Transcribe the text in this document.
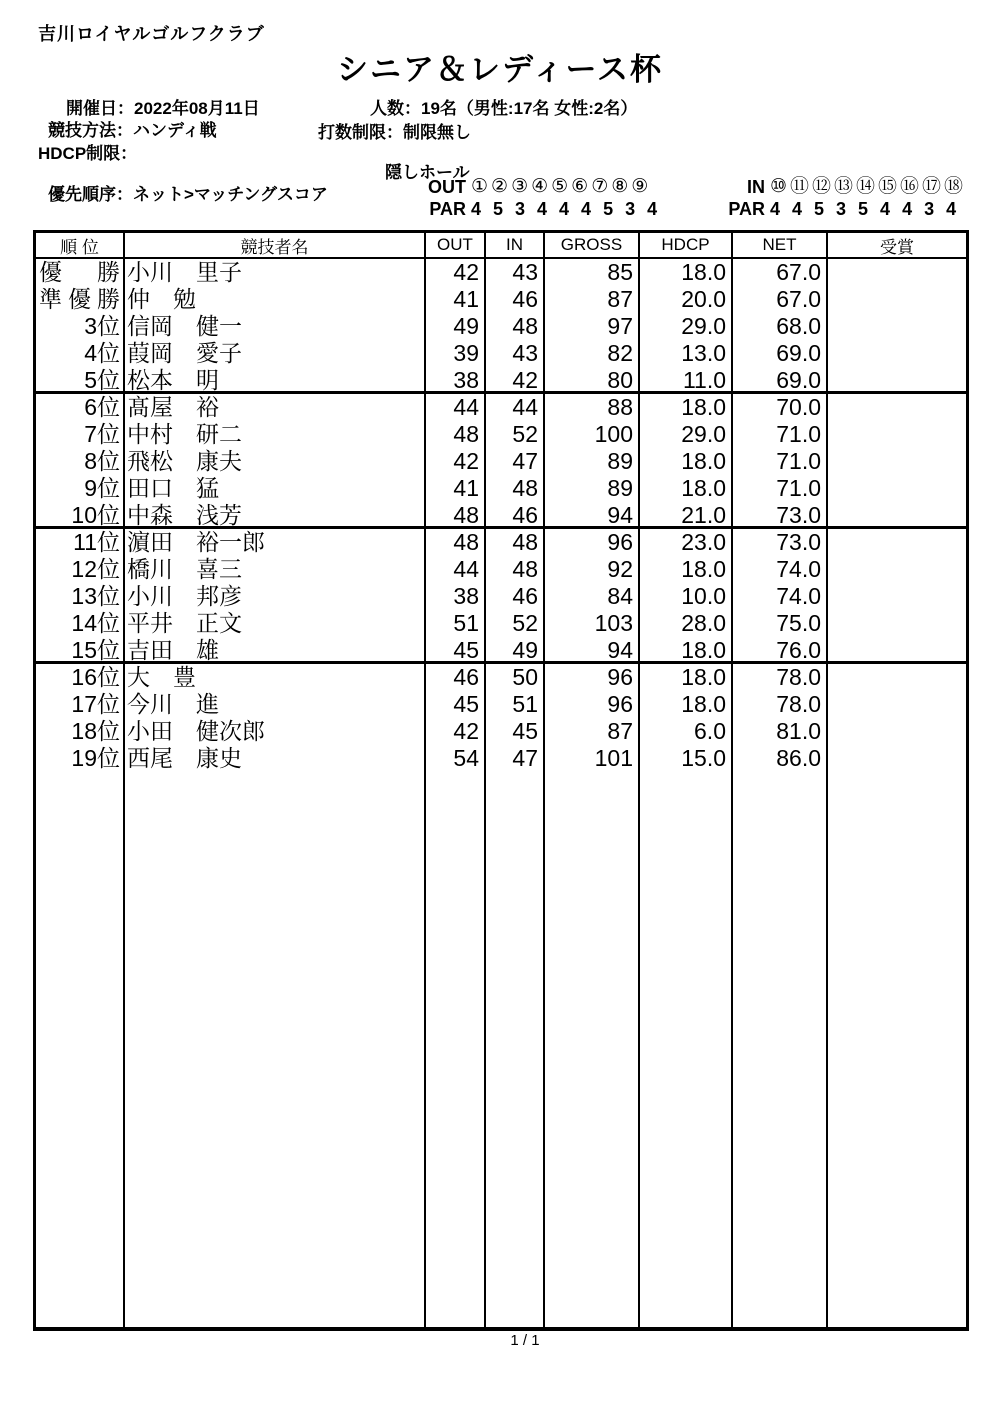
吉川ロイヤルゴルフクラブ
シニア＆レディース杯
開催日：2022年08月11日	人数：19名（男性:17名 女性:2名）
競技方法：ハンディ戦	打数制限：制限無し
HDCP制限：
優先順序：ネット>マッチングスコア
隠しホール
OUT ①②③④⑤⑥⑦⑧⑨
PAR 4 5 3 4 4 4 5 3 4
IN ⑩⑪⑫⑬⑭⑮⑯⑰⑱
PAR 4 4 5 3 5 4 4 3 4
順 位	競技者名	OUT	IN	GROSS	HDCP	NET	受賞
優　勝 小川　里子	42	43	85	18.0	67.0
準優勝 仲　勉	41	46	87	20.0	67.0
3位 信岡　健一	49	48	97	29.0	68.0
4位 葭岡　愛子	39	43	82	13.0	69.0
5位 松本　明	38	42	80	11.0	69.0
6位 髙屋　裕	44	44	88	18.0	70.0
7位 中村　研二	48	52	100	29.0	71.0
8位 飛松　康夫	42	47	89	18.0	71.0
9位 田口　猛	41	48	89	18.0	71.0
10位 中森　浅芳	48	46	94	21.0	73.0
11位 濵田　裕一郎	48	48	96	23.0	73.0
12位 橋川　喜三	44	48	92	18.0	74.0
13位 小川　邦彦	38	46	84	10.0	74.0
14位 平井　正文	51	52	103	28.0	75.0
15位 吉田　雄	45	49	94	18.0	76.0
16位 大　豊	46	50	96	18.0	78.0
17位 今川　進	45	51	96	18.0	78.0
18位 小田　健次郎	42	45	87	6.0	81.0
19位 西尾　康史	54	47	101	15.0	86.0
1 / 1
